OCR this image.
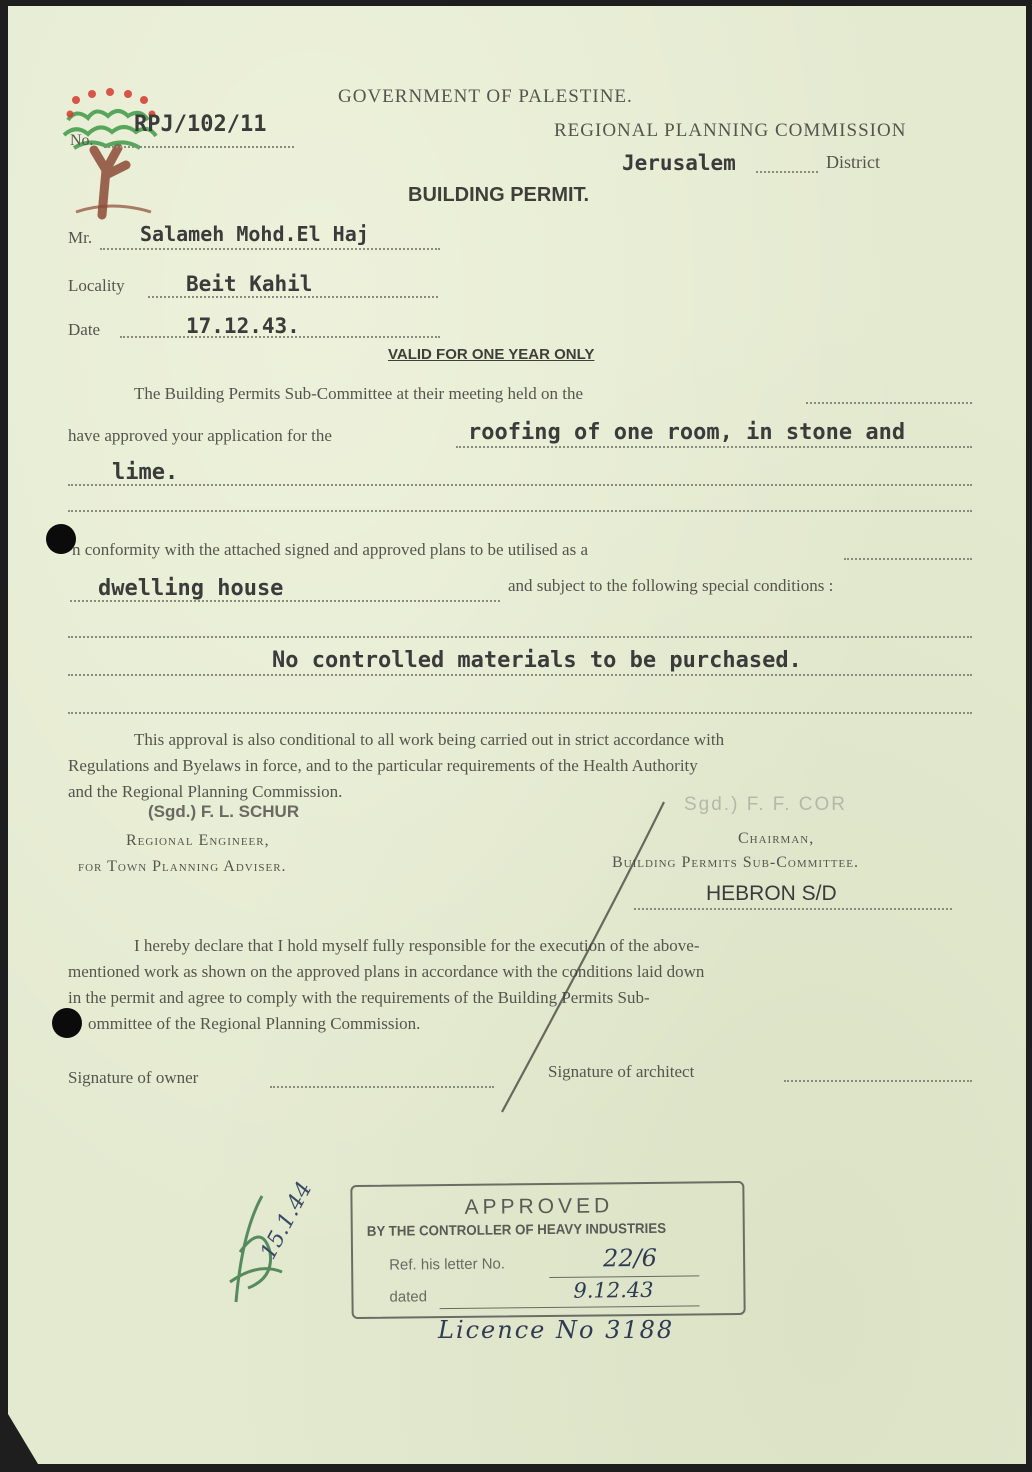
GOVERNMENT OF PALESTINE.
REGIONAL PLANNING COMMISSION
Jerusalem	District
No.
RPJ/102/11
BUILDING PERMIT.
Mr. Salameh Mohd.El Haj
Locality	Beit Kahil
Date	17.12.43.
VALID FOR ONE YEAR ONLY
The Building Permits Sub-Committee at their meeting held on the
have approved your application for the	roofing of one room, in stone and
lime.
n conformity with the attached signed and approved plans to be utilised as a
dwelling house	and subject to the following special conditions :
No controlled materials to be purchased.
This approval is also conditional to all work being carried out in strict accordance with
Regulations and Byelaws in force, and to the particular requirements of the Health Authority
and the Regional Planning Commission.
(Sgd.) F. L. SCHUR
Regional Engineer,
for Town Planning Adviser.
Sgd.) F. F. COR
Chairman,
Building Permits Sub-Committee.
HEBRON S/D
I hereby declare that I hold myself fully responsible for the execution of the above-
mentioned work as shown on the approved plans in accordance with the conditions laid down
in the permit and agree to comply with the requirements of the Building Permits Sub-
ommittee of the Regional Planning Commission.
Signature of owner	Signature of architect
APPROVED
BY THE CONTROLLER OF HEAVY INDUSTRIES
Ref. his letter No.	22/6
dated	9.12.43
Licence No 3188
15.1.44
